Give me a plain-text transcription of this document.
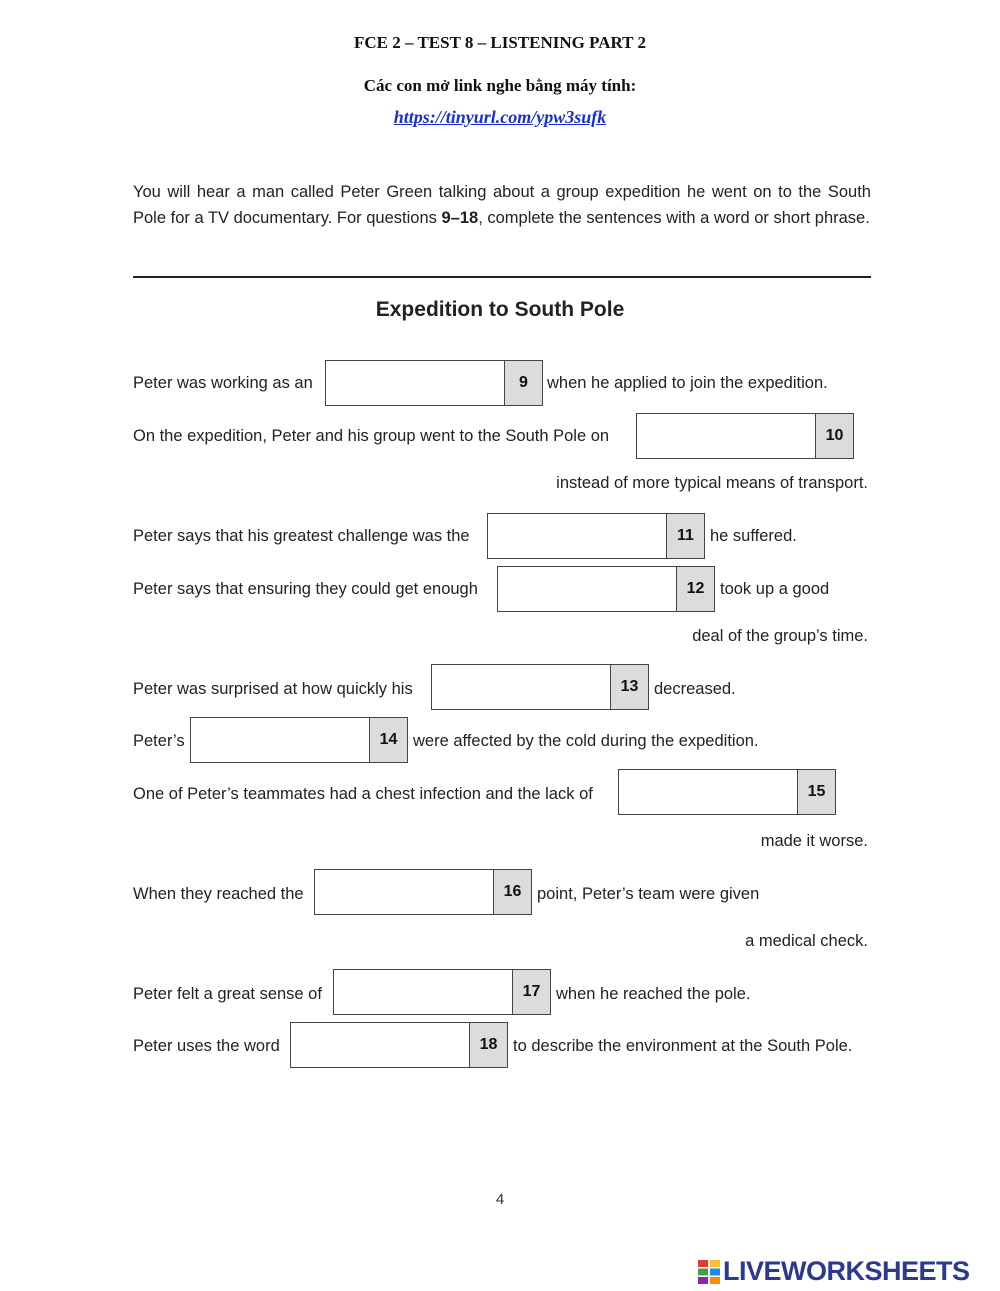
FCE 2 – TEST 8 – LISTENING PART 2
Các con mở link nghe bằng máy tính:
https://tinyurl.com/ypw3sufk
You will hear a man called Peter Green talking about a group expedition he went on to the South Pole for a TV documentary. For questions 9–18, complete the sentences with a word or short phrase.
Expedition to South Pole
Peter was working as an	9	when he applied to join the expedition.
On the expedition, Peter and his group went to the South Pole on	10
instead of more typical means of transport.
Peter says that his greatest challenge was the	11 he suffered.
Peter says that ensuring they could get enough	12 took up a good
deal of the group’s time.
Peter was surprised at how quickly his	13 decreased.
Peter’s	14 were affected by the cold during the expedition.
One of Peter’s teammates had a chest infection and the lack of	15
made it worse.
When they reached the	16 point, Peter’s team were given
a medical check.
Peter felt a great sense of	17 when he reached the pole.
Peter uses the word	18 to describe the environment at the South Pole.
4
LIVEWORKSHEETS
